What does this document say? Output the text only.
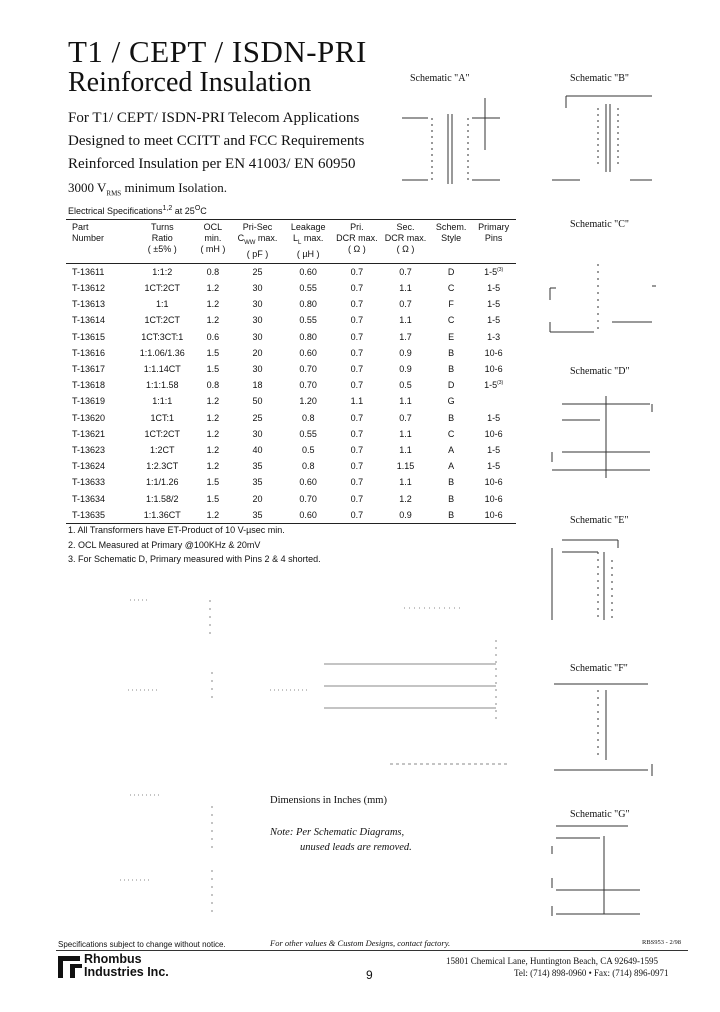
T1 / CEPT / ISDN-PRI
Reinforced Insulation
For T1/ CEPT/ ISDN-PRI Telecom Applications
Designed to meet CCITT and FCC Requirements
Reinforced Insulation per EN 41003/ EN 60950
3000 $V_{RMS}$ minimum Isolation.
Electrical Specifications$^{1,2}$ at $25^OC$
Part
Number	Turns
Ratio
( ±5% )	OCL
min.
( mH )	Pri-Sec
$C_{WW}$ max.
( pF )	Leakage
$L_L$ max.
( µH )	Pri.
DCR max.
( Ω )	Sec.
DCR max.
( Ω )	Schem.
Style	Primary
Pins
T-13611	1:1:2	0.8	25	0.60	0.7	0.7	D	1-5$^{(3)}$
T-13612	1CT:2CT	1.2	30	0.55	0.7	1.1	C	1-5
T-13613	1:1	1.2	30	0.80	0.7	0.7	F	1-5
T-13614	1CT:2CT	1.2	30	0.55	0.7	1.1	C	1-5
T-13615	1CT:3CT:1	0.6	30	0.80	0.7	1.7	E	1-3
T-13616	1:1.06/1.36	1.5	20	0.60	0.7	0.9	B	10-6
T-13617	1:1.14CT	1.5	30	0.70	0.7	0.9	B	10-6
T-13618	1:1:1.58	0.8	18	0.70	0.7	0.5	D	1-5$^{(3)}$
T-13619	1:1:1	1.2	50	1.20	1.1	1.1	G	
T-13620	1CT:1	1.2	25	0.8	0.7	0.7	B	1-5
T-13621	1CT:2CT	1.2	30	0.55	0.7	1.1	C	10-6
T-13623	1:2CT	1.2	40	0.5	0.7	1.1	A	1-5
T-13624	1:2.3CT	1.2	35	0.8	0.7	1.15	A	1-5
T-13633	1:1/1.26	1.5	35	0.60	0.7	1.1	B	10-6
T-13634	1:1.58/2	1.5	20	0.70	0.7	1.2	B	10-6
T-13635	1:1.36CT	1.2	35	0.60	0.7	0.9	B	10-6
1. All Transformers have ET-Product of 10 V-µsec min.
2. OCL Measured at Primary @100KHz & 20mV
3. For Schematic D, Primary measured with Pins 2 & 4 shorted.
Schematic "A"	Schematic "B"
Schematic "C"
Schematic "D"
Schematic "E"
Schematic "F"
Schematic "G"
Dimensions in Inches (mm)
Note: Per Schematic Diagrams,
unused leads are removed.
Specifications subject to change without notice.	For other values & Custom Designs, contact factory.	RBS953 - 2/98
Rhombus
Industries Inc.	9
15801 Chemical Lane, Huntington Beach, CA 92649-1595
Tel: (714) 898-0960 • Fax: (714) 896-0971
